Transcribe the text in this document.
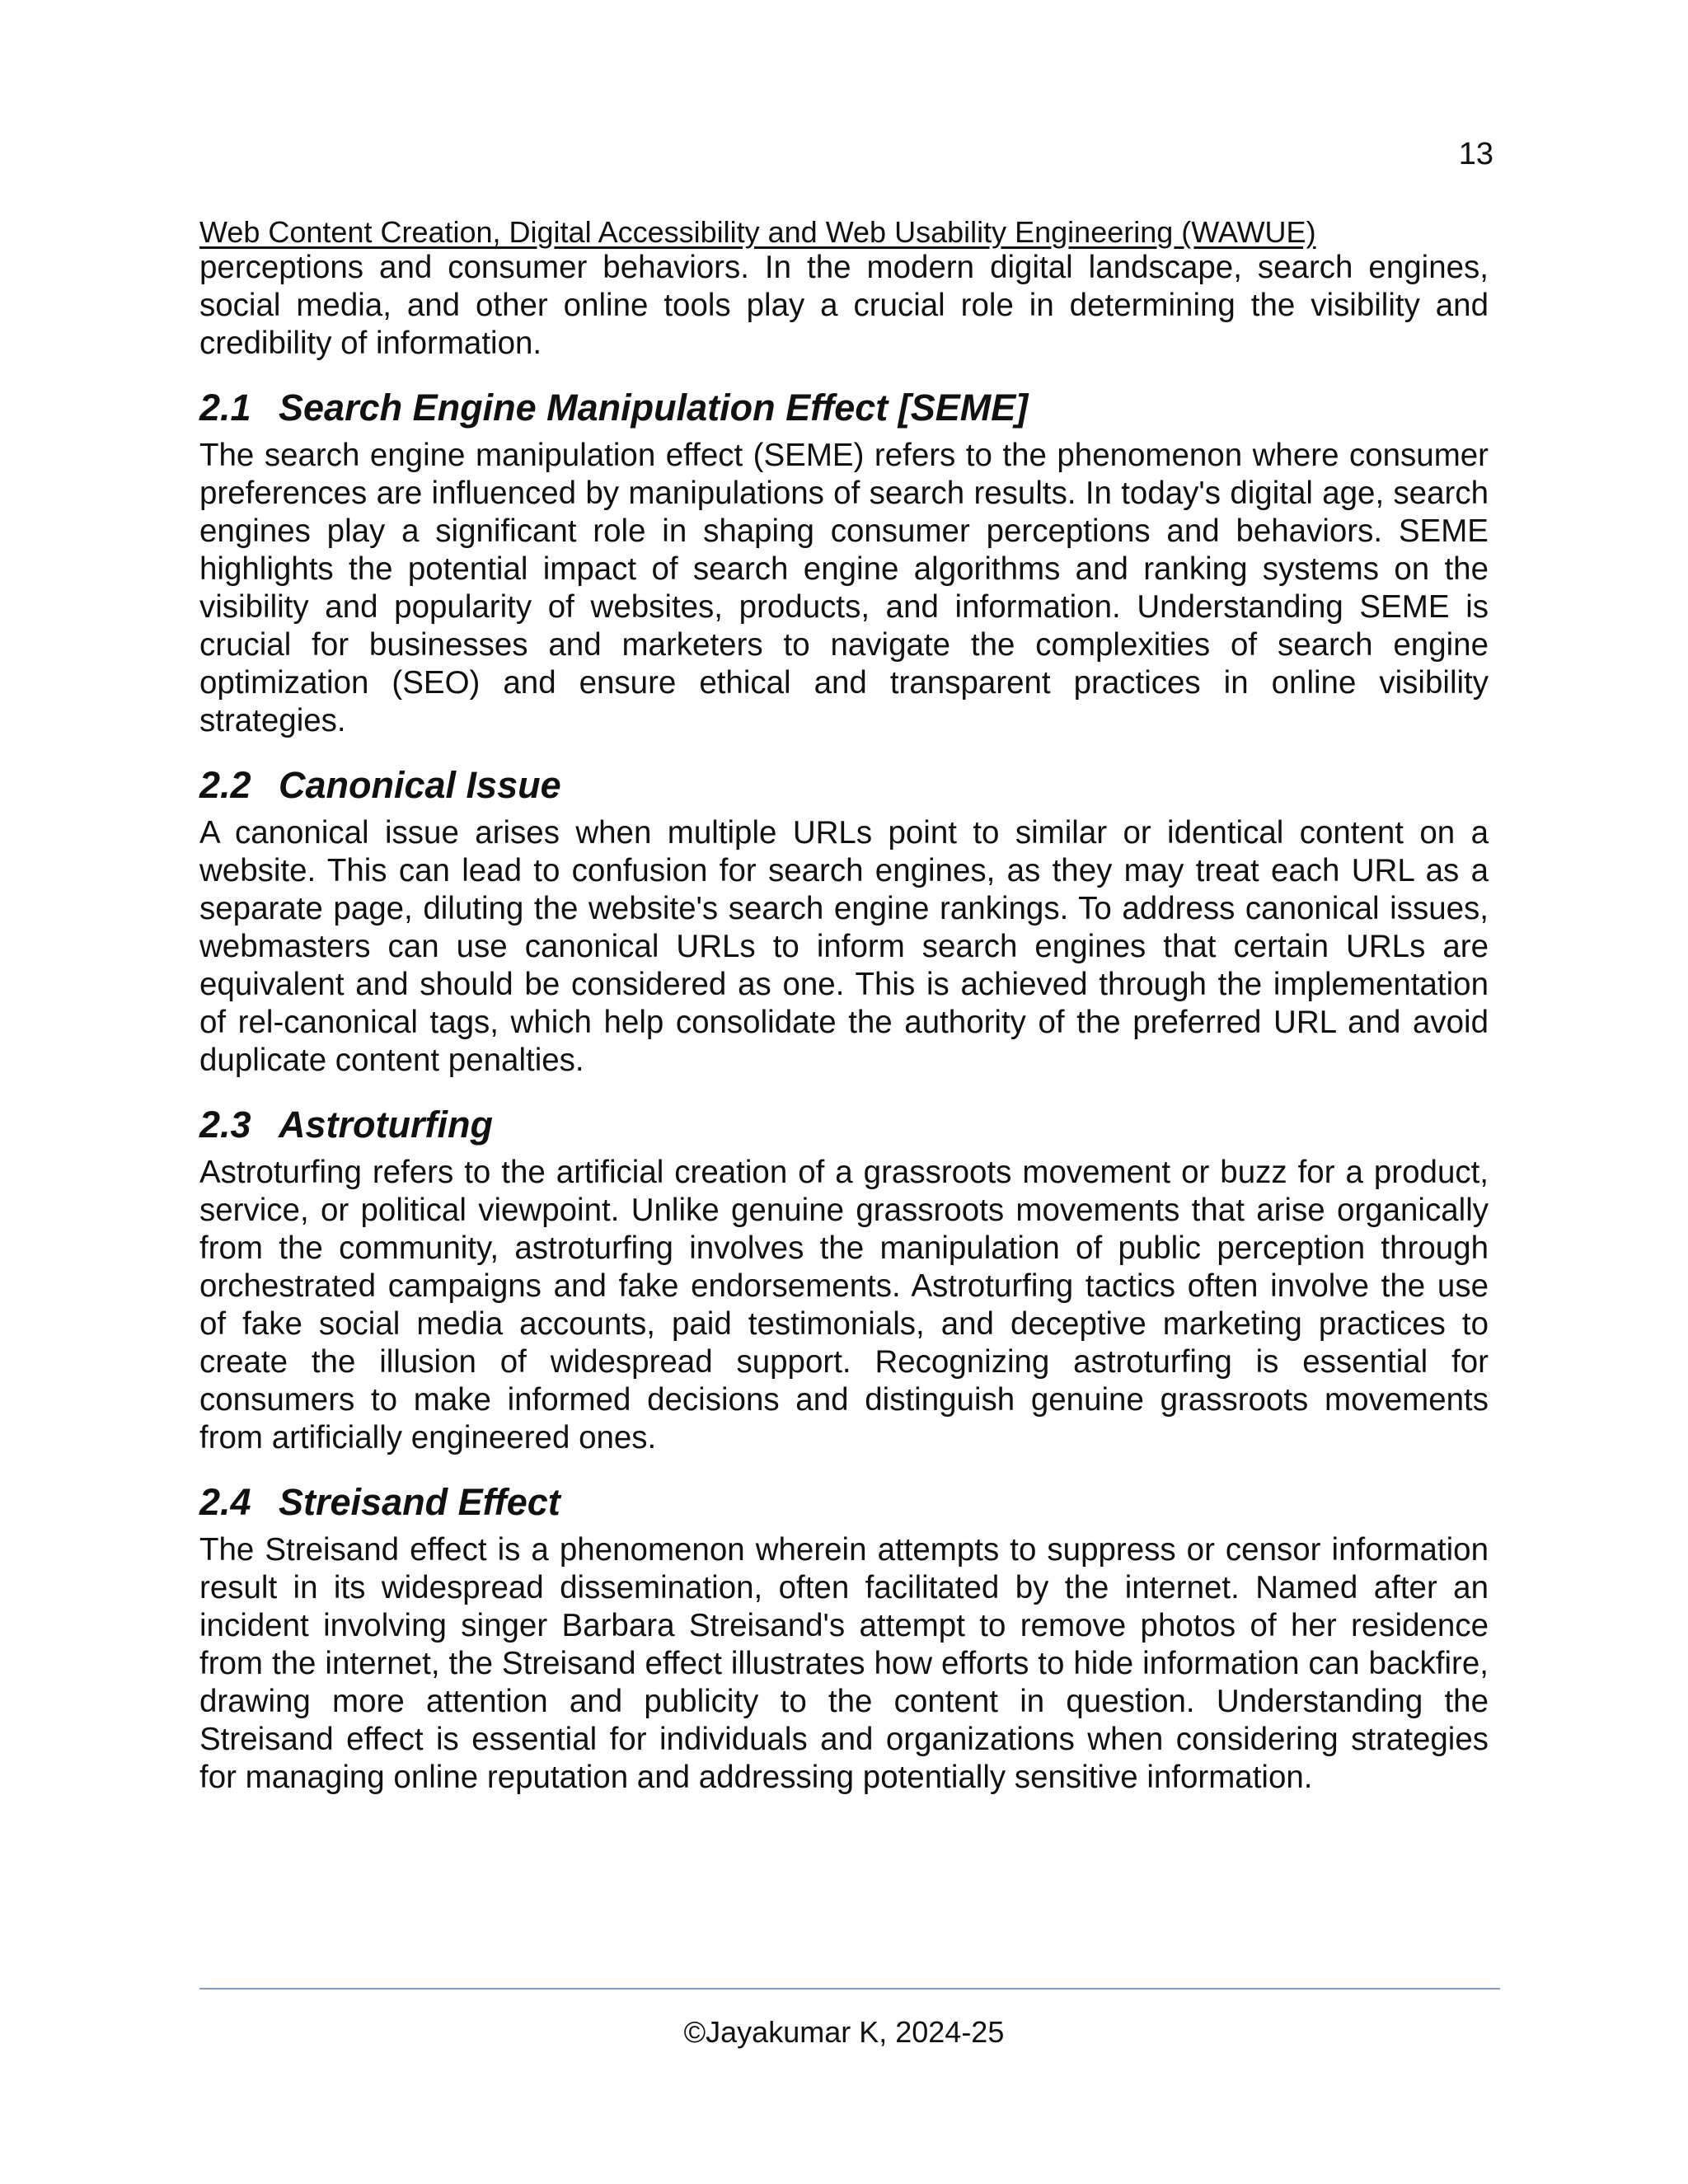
13
Web Content Creation, Digital Accessibility and Web Usability Engineering (WAWUE)

perceptions and consumer behaviors. In the modern digital landscape, search engines, social media, and other online tools play a crucial role in determining the visibility and credibility of information.

2.1 Search Engine Manipulation Effect [SEME]

The search engine manipulation effect (SEME) refers to the phenomenon where consumer preferences are influenced by manipulations of search results. In today's digital age, search engines play a significant role in shaping consumer perceptions and behaviors. SEME highlights the potential impact of search engine algorithms and ranking systems on the visibility and popularity of websites, products, and information. Understanding SEME is crucial for businesses and marketers to navigate the complexities of search engine optimization (SEO) and ensure ethical and transparent practices in online visibility strategies.

2.2 Canonical Issue

A canonical issue arises when multiple URLs point to similar or identical content on a website. This can lead to confusion for search engines, as they may treat each URL as a separate page, diluting the website's search engine rankings. To address canonical issues, webmasters can use canonical URLs to inform search engines that certain URLs are equivalent and should be considered as one. This is achieved through the implementation of rel-canonical tags, which help consolidate the authority of the preferred URL and avoid duplicate content penalties.

2.3 Astroturfing

Astroturfing refers to the artificial creation of a grassroots movement or buzz for a product, service, or political viewpoint. Unlike genuine grassroots movements that arise organically from the community, astroturfing involves the manipulation of public perception through orchestrated campaigns and fake endorsements. Astroturfing tactics often involve the use of fake social media accounts, paid testimonials, and deceptive marketing practices to create the illusion of widespread support. Recognizing astroturfing is essential for consumers to make informed decisions and distinguish genuine grassroots movements from artificially engineered ones.

2.4 Streisand Effect

The Streisand effect is a phenomenon wherein attempts to suppress or censor information result in its widespread dissemination, often facilitated by the internet. Named after an incident involving singer Barbara Streisand's attempt to remove photos of her residence from the internet, the Streisand effect illustrates how efforts to hide information can backfire, drawing more attention and publicity to the content in question. Understanding the Streisand effect is essential for individuals and organizations when considering strategies for managing online reputation and addressing potentially sensitive information.

©Jayakumar K, 2024-25
